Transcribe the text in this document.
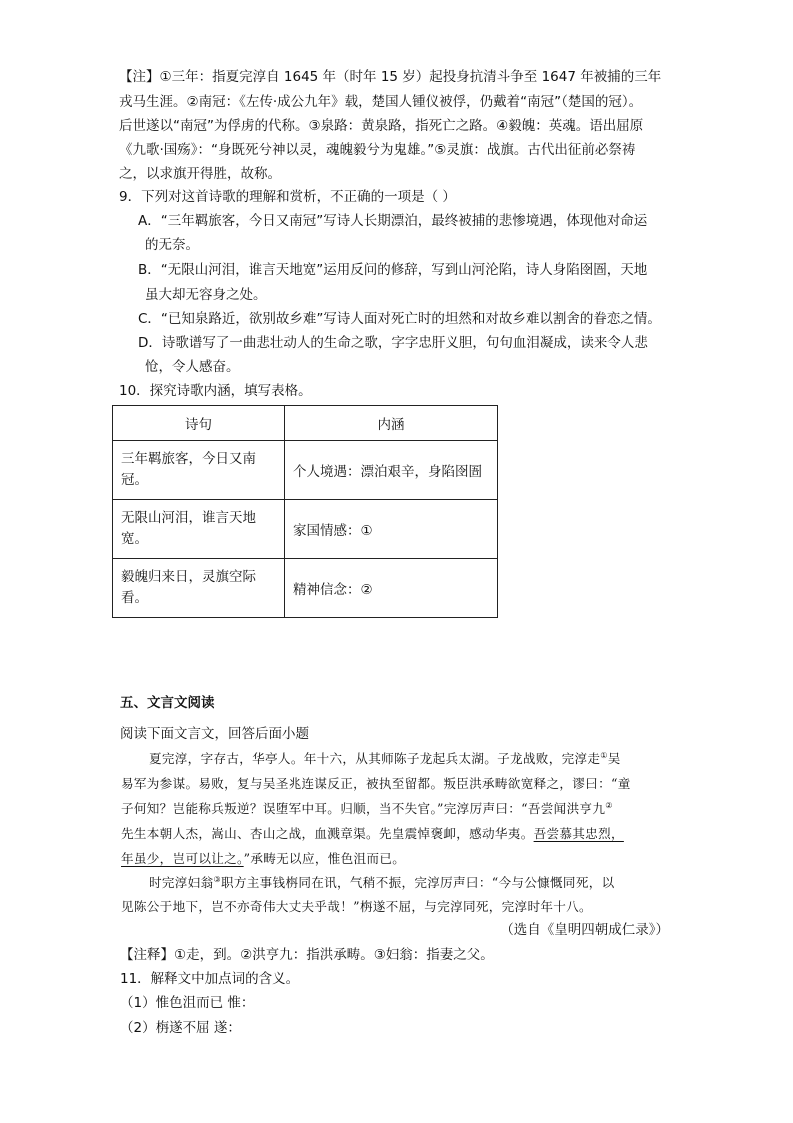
【注】①三年：指夏完淳自 1645 年（时年 15 岁）起投身抗清斗争至 1647 年被捕的三年
戎马生涯。②南冠：《左传·成公九年》载，楚国人锺仪被俘，仍戴着“南冠”（楚国的冠）。
后世遂以“南冠”为俘虏的代称。③泉路：黄泉路，指死亡之路。④毅魄：英魂。语出屈原
《九歌·国殇》：“身既死兮神以灵，魂魄毅兮为鬼雄。”⑤灵旗：战旗。古代出征前必祭祷
之，以求旗开得胜，故称。
9．下列对这首诗歌的理解和赏析，不正确的一项是（ ）
A．“三年羁旅客，今日又南冠”写诗人长期漂泊，最终被捕的悲惨境遇，体现他对命运
的无奈。
B．“无限山河泪，谁言天地宽”运用反问的修辞，写到山河沦陷，诗人身陷囹圄，天地
虽大却无容身之处。
C．“已知泉路近，欲别故乡难”写诗人面对死亡时的坦然和对故乡难以割舍的眷恋之情。
D．诗歌谱写了一曲悲壮动人的生命之歌，字字忠肝义胆，句句血泪凝成，读来令人悲
怆，令人感奋。
10．探究诗歌内涵，填写表格。
诗句	内涵
三年羁旅客，今日又南冠。	个人境遇：漂泊艰辛，身陷囹圄
无限山河泪，谁言天地宽。	家国情感：①
毅魄归来日，灵旗空际看。	精神信念：②
五、文言文阅读
阅读下面文言文，回答后面小题
夏完淳，字存古，华亭人。年十六，从其师陈子龙起兵太湖。子龙战败，完淳走①吴
易军为参谋。易败，复与吴圣兆连谋反正，被执至留都。叛臣洪承畴欲宽释之，谬曰：“童
子何知？岂能称兵叛逆？误堕军中耳。归顺，当不失官。”完淳厉声曰：“吾尝闻洪亨九②
先生本朝人杰，嵩山、杏山之战，血溅章渠。先皇震悼褒卹，感动华夷。吾尝慕其忠烈，
年虽少，岂可以让之。”承畴无以应，惟色沮而已。
时完淳妇翁③职方主事钱栴同在讯，气稍不振，完淳厉声曰：“今与公慷慨同死，以
见陈公于地下，岂不亦奇伟大丈夫乎哉！”栴遂不屈，与完淳同死，完淳时年十八。
（选自《皇明四朝成仁录》）
【注释】①走，到。②洪亨九：指洪承畴。③妇翁：指妻之父。
11．解释文中加点词的含义。
（1）惟色沮而已 惟：
（2）栴遂不屈 遂：
